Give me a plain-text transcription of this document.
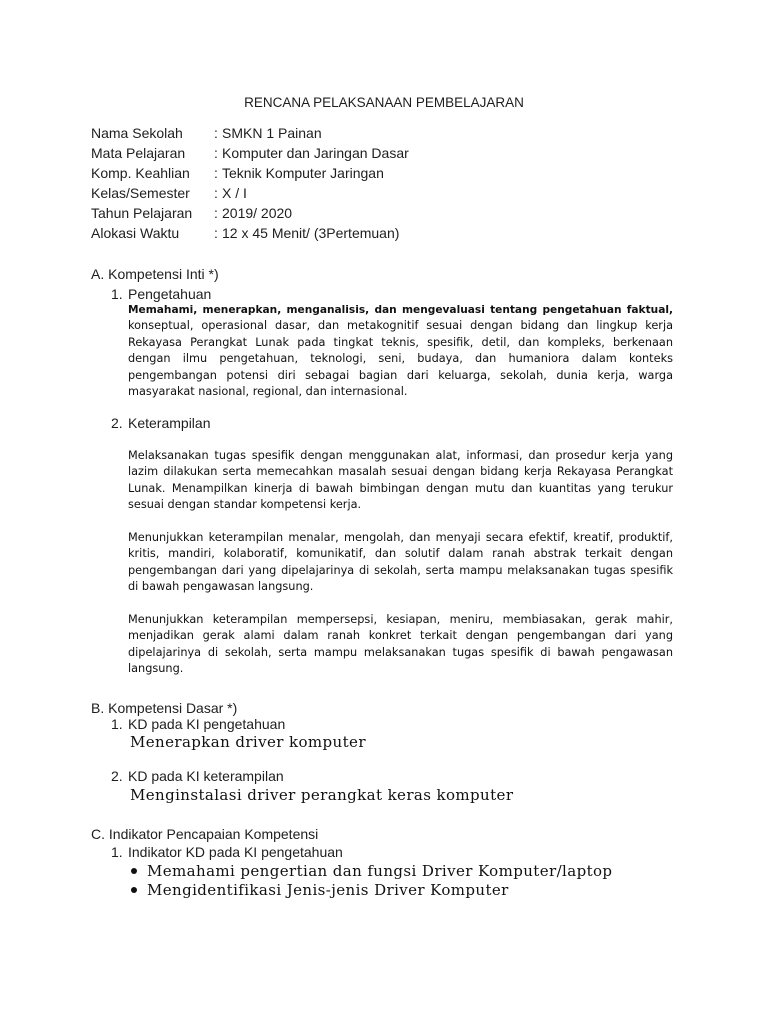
RENCANA PELAKSANAAN PEMBELAJARAN
Nama Sekolah : SMKN 1 Painan
Mata Pelajaran : Komputer dan Jaringan Dasar
Komp. Keahlian : Teknik Komputer Jaringan
Kelas/Semester : X / I
Tahun Pelajaran : 2019/ 2020
Alokasi Waktu : 12 x 45 Menit/ (3Pertemuan)
A. Kompetensi Inti *)
1. Pengetahuan
Memahami, menerapkan, menganalisis, dan mengevaluasi tentang pengetahuan faktual,
konseptual, operasional dasar, dan metakognitif sesuai dengan bidang dan lingkup kerja
Rekayasa Perangkat Lunak pada tingkat teknis, spesifik, detil, dan kompleks, berkenaan
dengan ilmu pengetahuan, teknologi, seni, budaya, dan humaniora dalam konteks
pengembangan potensi diri sebagai bagian dari keluarga, sekolah, dunia kerja, warga
masyarakat nasional, regional, dan internasional.
2. Keterampilan
Melaksanakan tugas spesifik dengan menggunakan alat, informasi, dan prosedur kerja yang
lazim dilakukan serta memecahkan masalah sesuai dengan bidang kerja Rekayasa Perangkat
Lunak. Menampilkan kinerja di bawah bimbingan dengan mutu dan kuantitas yang terukur
sesuai dengan standar kompetensi kerja.
Menunjukkan keterampilan menalar, mengolah, dan menyaji secara efektif, kreatif, produktif,
kritis, mandiri, kolaboratif, komunikatif, dan solutif dalam ranah abstrak terkait dengan
pengembangan dari yang dipelajarinya di sekolah, serta mampu melaksanakan tugas spesifik
di bawah pengawasan langsung.
Menunjukkan keterampilan mempersepsi, kesiapan, meniru, membiasakan, gerak mahir,
menjadikan gerak alami dalam ranah konkret terkait dengan pengembangan dari yang
dipelajarinya di sekolah, serta mampu melaksanakan tugas spesifik di bawah pengawasan
langsung.
B. Kompetensi Dasar *)
1. KD pada KI pengetahuan
Menerapkan driver komputer
2. KD pada KI keterampilan
Menginstalasi driver perangkat keras komputer
C. Indikator Pencapaian Kompetensi
1. Indikator KD pada KI pengetahuan
Memahami pengertian dan fungsi Driver Komputer/laptop
Mengidentifikasi Jenis-jenis Driver Komputer
